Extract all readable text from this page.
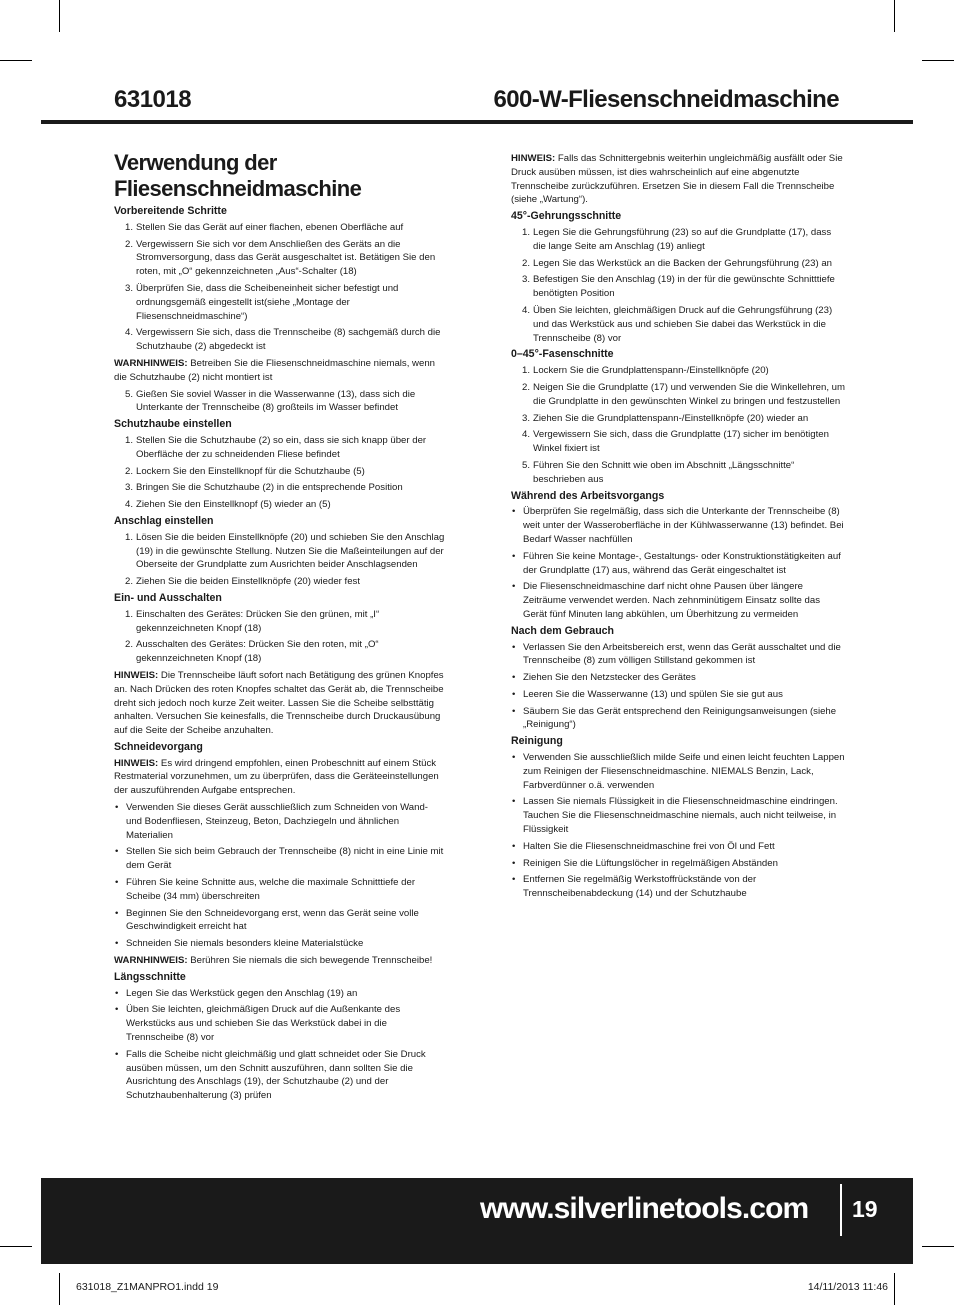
631018	600-W-Fliesenschneidmaschine
Verwendung der
Fliesenschneidmaschine
Vorbereitende Schritte
1. Stellen Sie das Gerät auf einer flachen, ebenen Oberfläche auf
2. Vergewissern Sie sich vor dem Anschließen des Geräts an die Stromversorgung, dass das Gerät ausgeschaltet ist. Betätigen Sie den roten, mit „O“ gekennzeichneten „Aus“-Schalter (18)
3. Überprüfen Sie, dass die Scheibeneinheit sicher befestigt und ordnungsgemäß eingestellt ist(siehe „Montage der Fliesenschneidmaschine“)
4. Vergewissern Sie sich, dass die Trennscheibe (8) sachgemäß durch die Schutzhaube (2) abgedeckt ist
WARNHINWEIS: Betreiben Sie die Fliesenschneidmaschine niemals, wenn die Schutzhaube (2) nicht montiert ist
5. Gießen Sie soviel Wasser in die Wasserwanne (13), dass sich die Unterkante der Trennscheibe (8) großteils im Wasser befindet
Schutzhaube einstellen
1. Stellen Sie die Schutzhaube (2) so ein, dass sie sich knapp über der Oberfläche der zu schneidenden Fliese befindet
2. Lockern Sie den Einstellknopf für die Schutzhaube (5)
3. Bringen Sie die Schutzhaube (2) in die entsprechende Position
4. Ziehen Sie den Einstellknopf (5) wieder an (5)
Anschlag einstellen
1. Lösen Sie die beiden Einstellknöpfe (20) und schieben Sie den Anschlag (19) in die gewünschte Stellung. Nutzen Sie die Maßeinteilungen auf der Oberseite der Grundplatte zum Ausrichten beider Anschlagsenden
2. Ziehen Sie die beiden Einstellknöpfe (20) wieder fest
Ein- und Ausschalten
1. Einschalten des Gerätes: Drücken Sie den grünen, mit „I“ gekennzeichneten Knopf (18)
2. Ausschalten des Gerätes: Drücken Sie den roten, mit „O“ gekennzeichneten Knopf (18)
HINWEIS: Die Trennscheibe läuft sofort nach Betätigung des grünen Knopfes an. Nach Drücken des roten Knopfes schaltet das Gerät ab, die Trennscheibe dreht sich jedoch noch kurze Zeit weiter. Lassen Sie die Scheibe selbsttätig anhalten. Versuchen Sie keinesfalls, die Trennscheibe durch Druckausübung auf die Seite der Scheibe anzuhalten.
Schneidevorgang
HINWEIS: Es wird dringend empfohlen, einen Probeschnitt auf einem Stück Restmaterial vorzunehmen, um zu überprüfen, dass die Geräteeinstellungen der auszuführenden Aufgabe entsprechen.
• Verwenden Sie dieses Gerät ausschließlich zum Schneiden von Wand- und Bodenfliesen, Steinzeug, Beton, Dachziegeln und ähnlichen Materialien
• Stellen Sie sich beim Gebrauch der Trennscheibe (8) nicht in eine Linie mit dem Gerät
• Führen Sie keine Schnitte aus, welche die maximale Schnitttiefe der Scheibe (34 mm) überschreiten
• Beginnen Sie den Schneidevorgang erst, wenn das Gerät seine volle Geschwindigkeit erreicht hat
• Schneiden Sie niemals besonders kleine Materialstücke
WARNHINWEIS: Berühren Sie niemals die sich bewegende Trennscheibe!
Längsschnitte
• Legen Sie das Werkstück gegen den Anschlag (19) an
• Üben Sie leichten, gleichmäßigen Druck auf die Außenkante des Werkstücks aus und schieben Sie das Werkstück dabei in die Trennscheibe (8) vor
• Falls die Scheibe nicht gleichmäßig und glatt schneidet oder Sie Druck ausüben müssen, um den Schnitt auszuführen, dann sollten Sie die Ausrichtung des Anschlags (19), der Schutzhaube (2) und der Schutzhaubenhalterung (3) prüfen
HINWEIS: Falls das Schnittergebnis weiterhin ungleichmäßig ausfällt oder Sie Druck ausüben müssen, ist dies wahrscheinlich auf eine abgenutzte Trennscheibe zurückzuführen. Ersetzen Sie in diesem Fall die Trennscheibe (siehe „Wartung“).
45°-Gehrungsschnitte
1. Legen Sie die Gehrungsführung (23) so auf die Grundplatte (17), dass die lange Seite am Anschlag (19) anliegt
2. Legen Sie das Werkstück an die Backen der Gehrungsführung (23) an
3. Befestigen Sie den Anschlag (19) in der für die gewünschte Schnitttiefe benötigten Position
4. Üben Sie leichten, gleichmäßigen Druck auf die Gehrungsführung (23) und das Werkstück aus und schieben Sie dabei das Werkstück in die Trennscheibe (8) vor
0–45°-Fasenschnitte
1. Lockern Sie die Grundplattenspann-/Einstellknöpfe (20)
2. Neigen Sie die Grundplatte (17) und verwenden Sie die Winkellehren, um die Grundplatte in den gewünschten Winkel zu bringen und festzustellen
3. Ziehen Sie die Grundplattenspann-/Einstellknöpfe (20) wieder an
4. Vergewissern Sie sich, dass die Grundplatte (17) sicher im benötigten Winkel fixiert ist
5. Führen Sie den Schnitt wie oben im Abschnitt „Längsschnitte“ beschrieben aus
Während des Arbeitsvorgangs
• Überprüfen Sie regelmäßig, dass sich die Unterkante der Trennscheibe (8) weit unter der Wasseroberfläche in der Kühlwasserwanne (13) befindet. Bei Bedarf Wasser nachfüllen
• Führen Sie keine Montage-, Gestaltungs- oder Konstruktionstätigkeiten auf der Grundplatte (17) aus, während das Gerät eingeschaltet ist
• Die Fliesenschneidmaschine darf nicht ohne Pausen über längere Zeiträume verwendet werden. Nach zehnminütigem Einsatz sollte das Gerät fünf Minuten lang abkühlen, um Überhitzung zu vermeiden
Nach dem Gebrauch
• Verlassen Sie den Arbeitsbereich erst, wenn das Gerät ausschaltet und die Trennscheibe (8) zum völligen Stillstand gekommen ist
• Ziehen Sie den Netzstecker des Gerätes
• Leeren Sie die Wasserwanne (13) und spülen Sie sie gut aus
• Säubern Sie das Gerät entsprechend den Reinigungsanweisungen (siehe „Reinigung“)
Reinigung
• Verwenden Sie ausschließlich milde Seife und einen leicht feuchten Lappen zum Reinigen der Fliesenschneidmaschine. NIEMALS Benzin, Lack, Farbverdünner o.ä. verwenden
• Lassen Sie niemals Flüssigkeit in die Fliesenschneidmaschine eindringen. Tauchen Sie die Fliesenschneidmaschine niemals, auch nicht teilweise, in Flüssigkeit
• Halten Sie die Fliesenschneidmaschine frei von Öl und Fett
• Reinigen Sie die Lüftungslöcher in regelmäßigen Abständen
• Entfernen Sie regelmäßig Werkstoffrückstände von der Trennscheibenabdeckung (14) und der Schutzhaube
www.silverlinetools.com 19
631018_Z1MANPRO1.indd 19	14/11/2013 11:46
